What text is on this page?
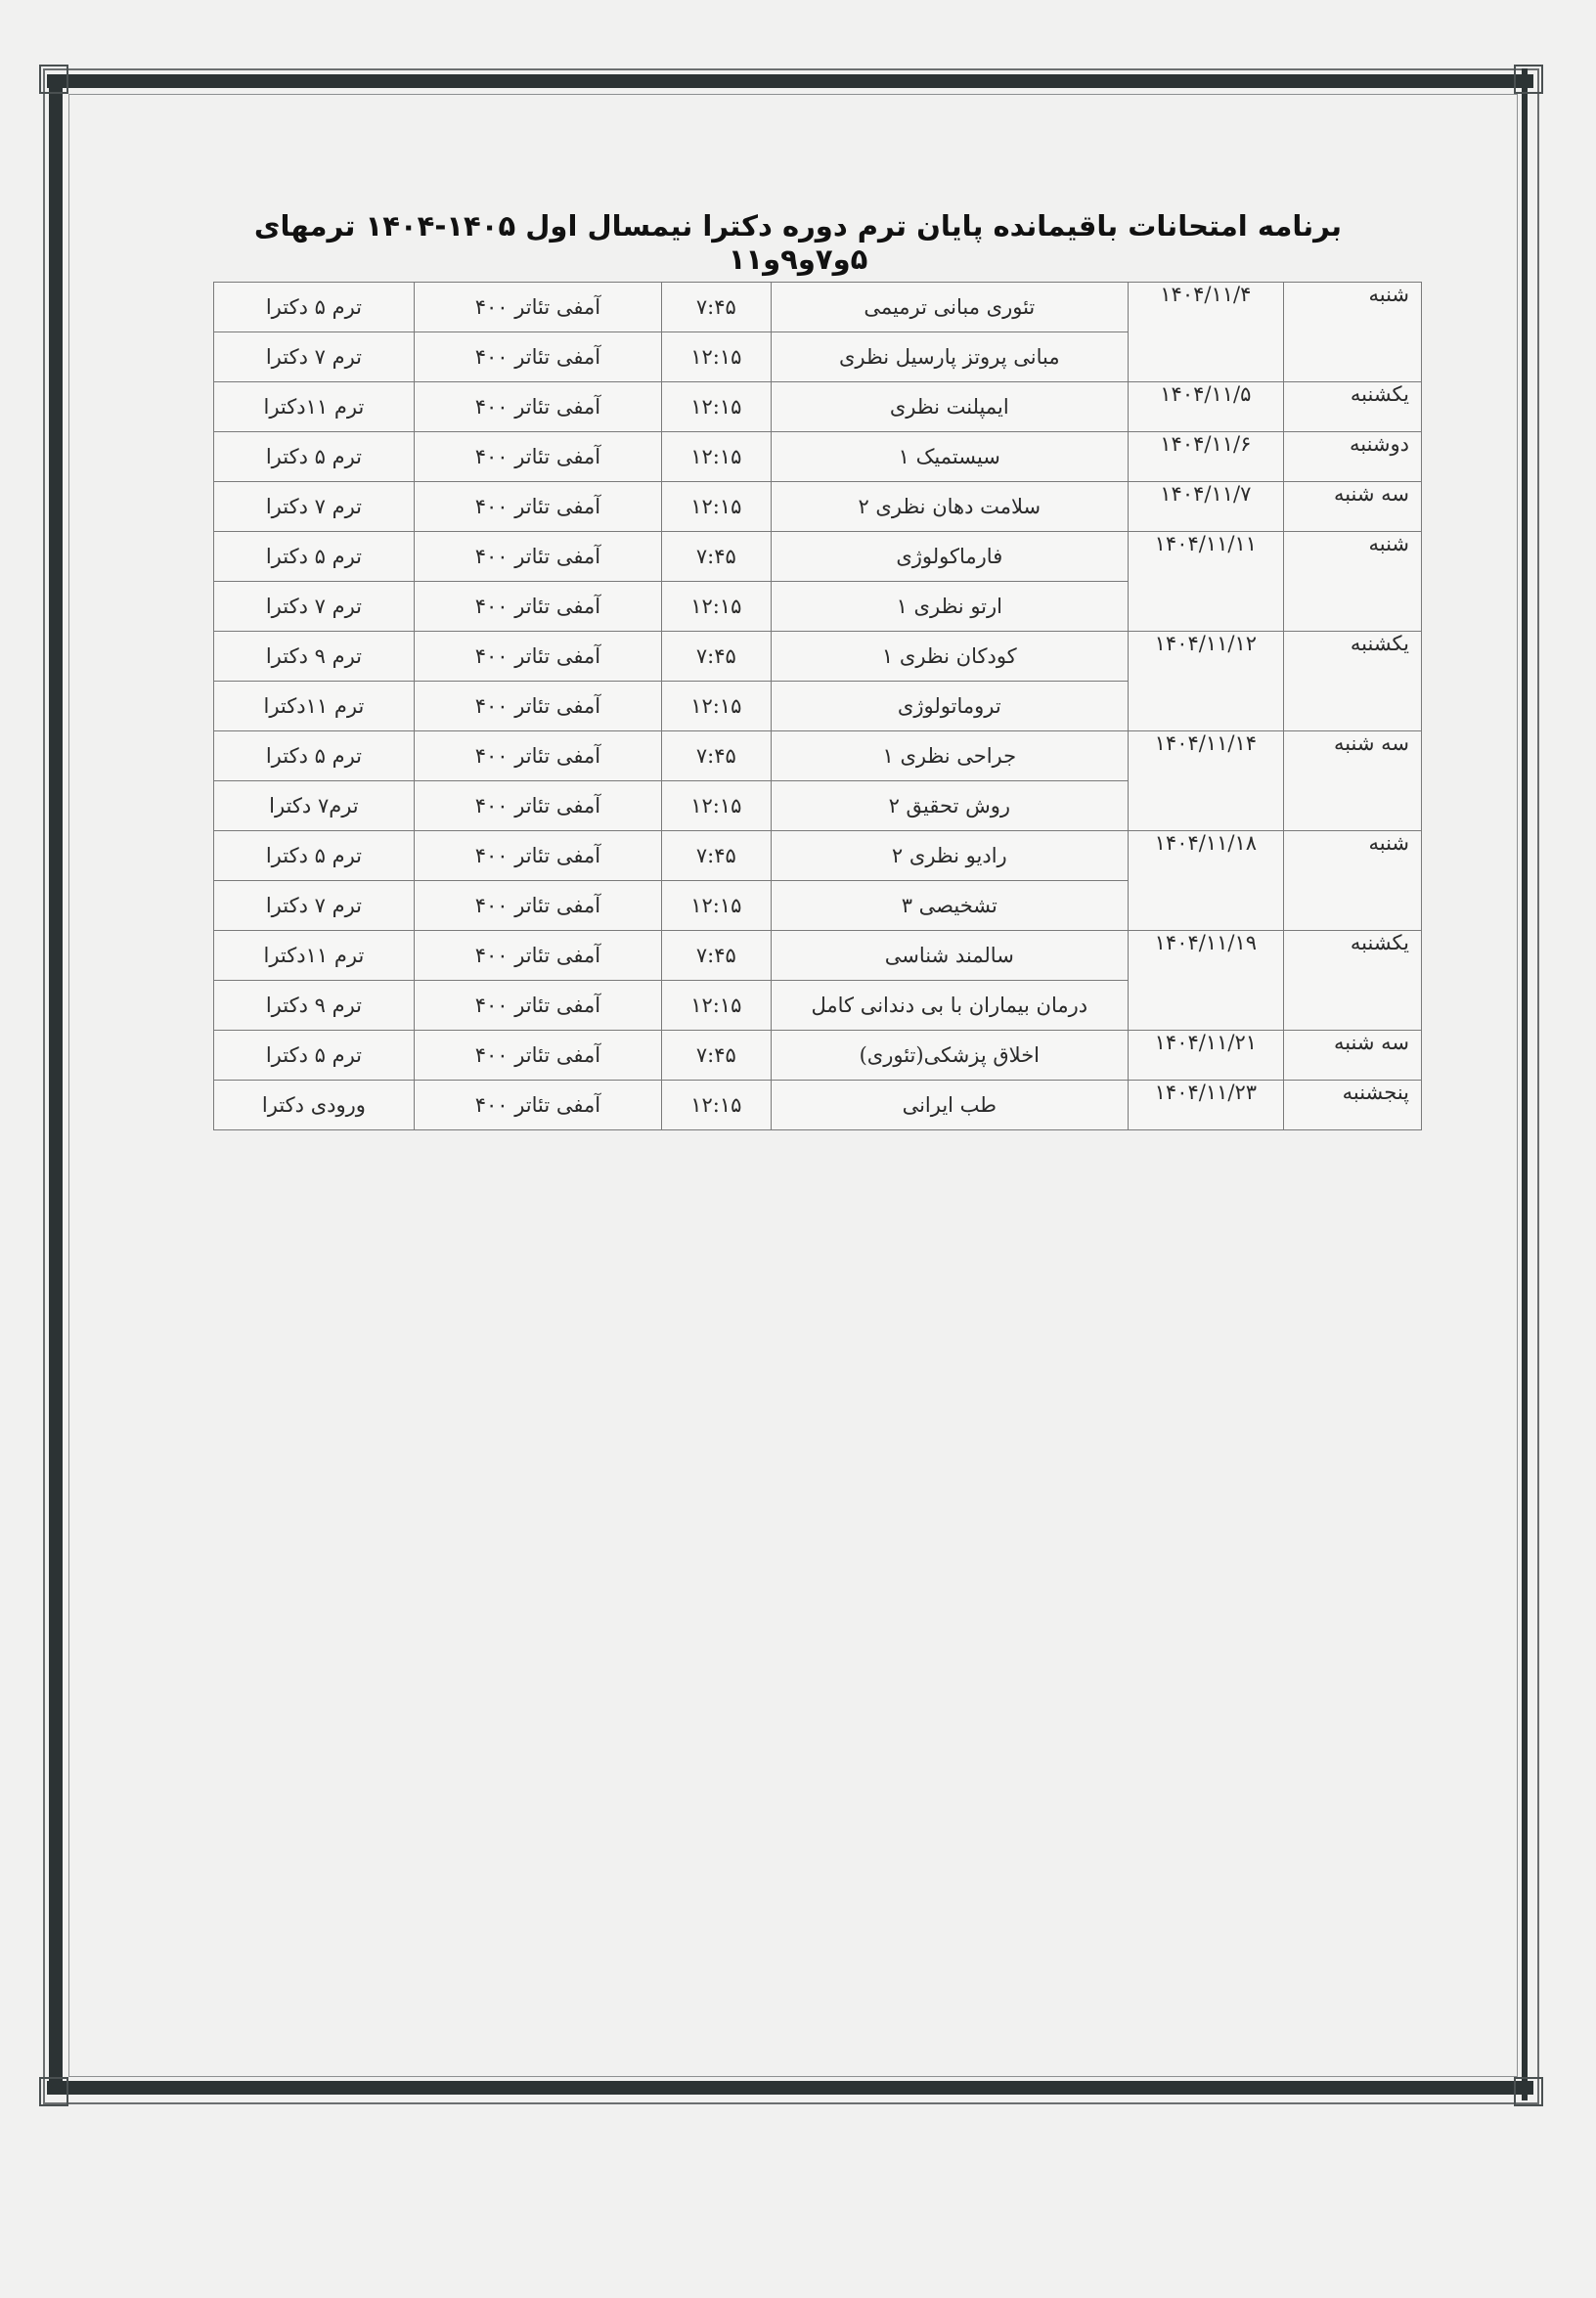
برنامه امتحانات باقیمانده پایان ترم دوره دکترا نیمسال اول ۱۴۰۵-۱۴۰۴ ترمهای ۵و۷و۹و۱۱
شنبه	۱۴۰۴/۱۱/۴	تئوری مبانی ترمیمی	۷:۴۵	آمفی تئاتر ۴۰۰	ترم ۵ دکترا
		مبانی پروتز پارسیل نظری	۱۲:۱۵	آمفی تئاتر ۴۰۰	ترم ۷ دکترا
یکشنبه	۱۴۰۴/۱۱/۵	ایمپلنت نظری	۱۲:۱۵	آمفی تئاتر ۴۰۰	ترم ۱۱دکترا
دوشنبه	۱۴۰۴/۱۱/۶	سیستمیک ۱	۱۲:۱۵	آمفی تئاتر ۴۰۰	ترم ۵ دکترا
سه شنبه	۱۴۰۴/۱۱/۷	سلامت دهان نظری ۲	۱۲:۱۵	آمفی تئاتر ۴۰۰	ترم ۷ دکترا
شنبه	۱۴۰۴/۱۱/۱۱	فارماکولوژی	۷:۴۵	آمفی تئاتر ۴۰۰	ترم ۵ دکترا
		ارتو نظری ۱	۱۲:۱۵	آمفی تئاتر ۴۰۰	ترم ۷ دکترا
یکشنبه	۱۴۰۴/۱۱/۱۲	کودکان نظری ۱	۷:۴۵	آمفی تئاتر ۴۰۰	ترم ۹ دکترا
		تروماتولوژی	۱۲:۱۵	آمفی تئاتر ۴۰۰	ترم ۱۱دکترا
سه شنبه	۱۴۰۴/۱۱/۱۴	جراحی نظری ۱	۷:۴۵	آمفی تئاتر ۴۰۰	ترم ۵ دکترا
		روش تحقیق ۲	۱۲:۱۵	آمفی تئاتر ۴۰۰	ترم۷ دکترا
شنبه	۱۴۰۴/۱۱/۱۸	رادیو نظری ۲	۷:۴۵	آمفی تئاتر ۴۰۰	ترم ۵ دکترا
		تشخیصی ۳	۱۲:۱۵	آمفی تئاتر ۴۰۰	ترم ۷ دکترا
یکشنبه	۱۴۰۴/۱۱/۱۹	سالمند شناسی	۷:۴۵	آمفی تئاتر ۴۰۰	ترم ۱۱دکترا
		درمان بیماران با بی دندانی کامل	۱۲:۱۵	آمفی تئاتر ۴۰۰	ترم ۹ دکترا
سه شنبه	۱۴۰۴/۱۱/۲۱	اخلاق پزشکی(تئوری)	۷:۴۵	آمفی تئاتر ۴۰۰	ترم ۵ دکترا
پنجشنبه	۱۴۰۴/۱۱/۲۳	طب ایرانی	۱۲:۱۵	آمفی تئاتر ۴۰۰	ورودی دکترا
